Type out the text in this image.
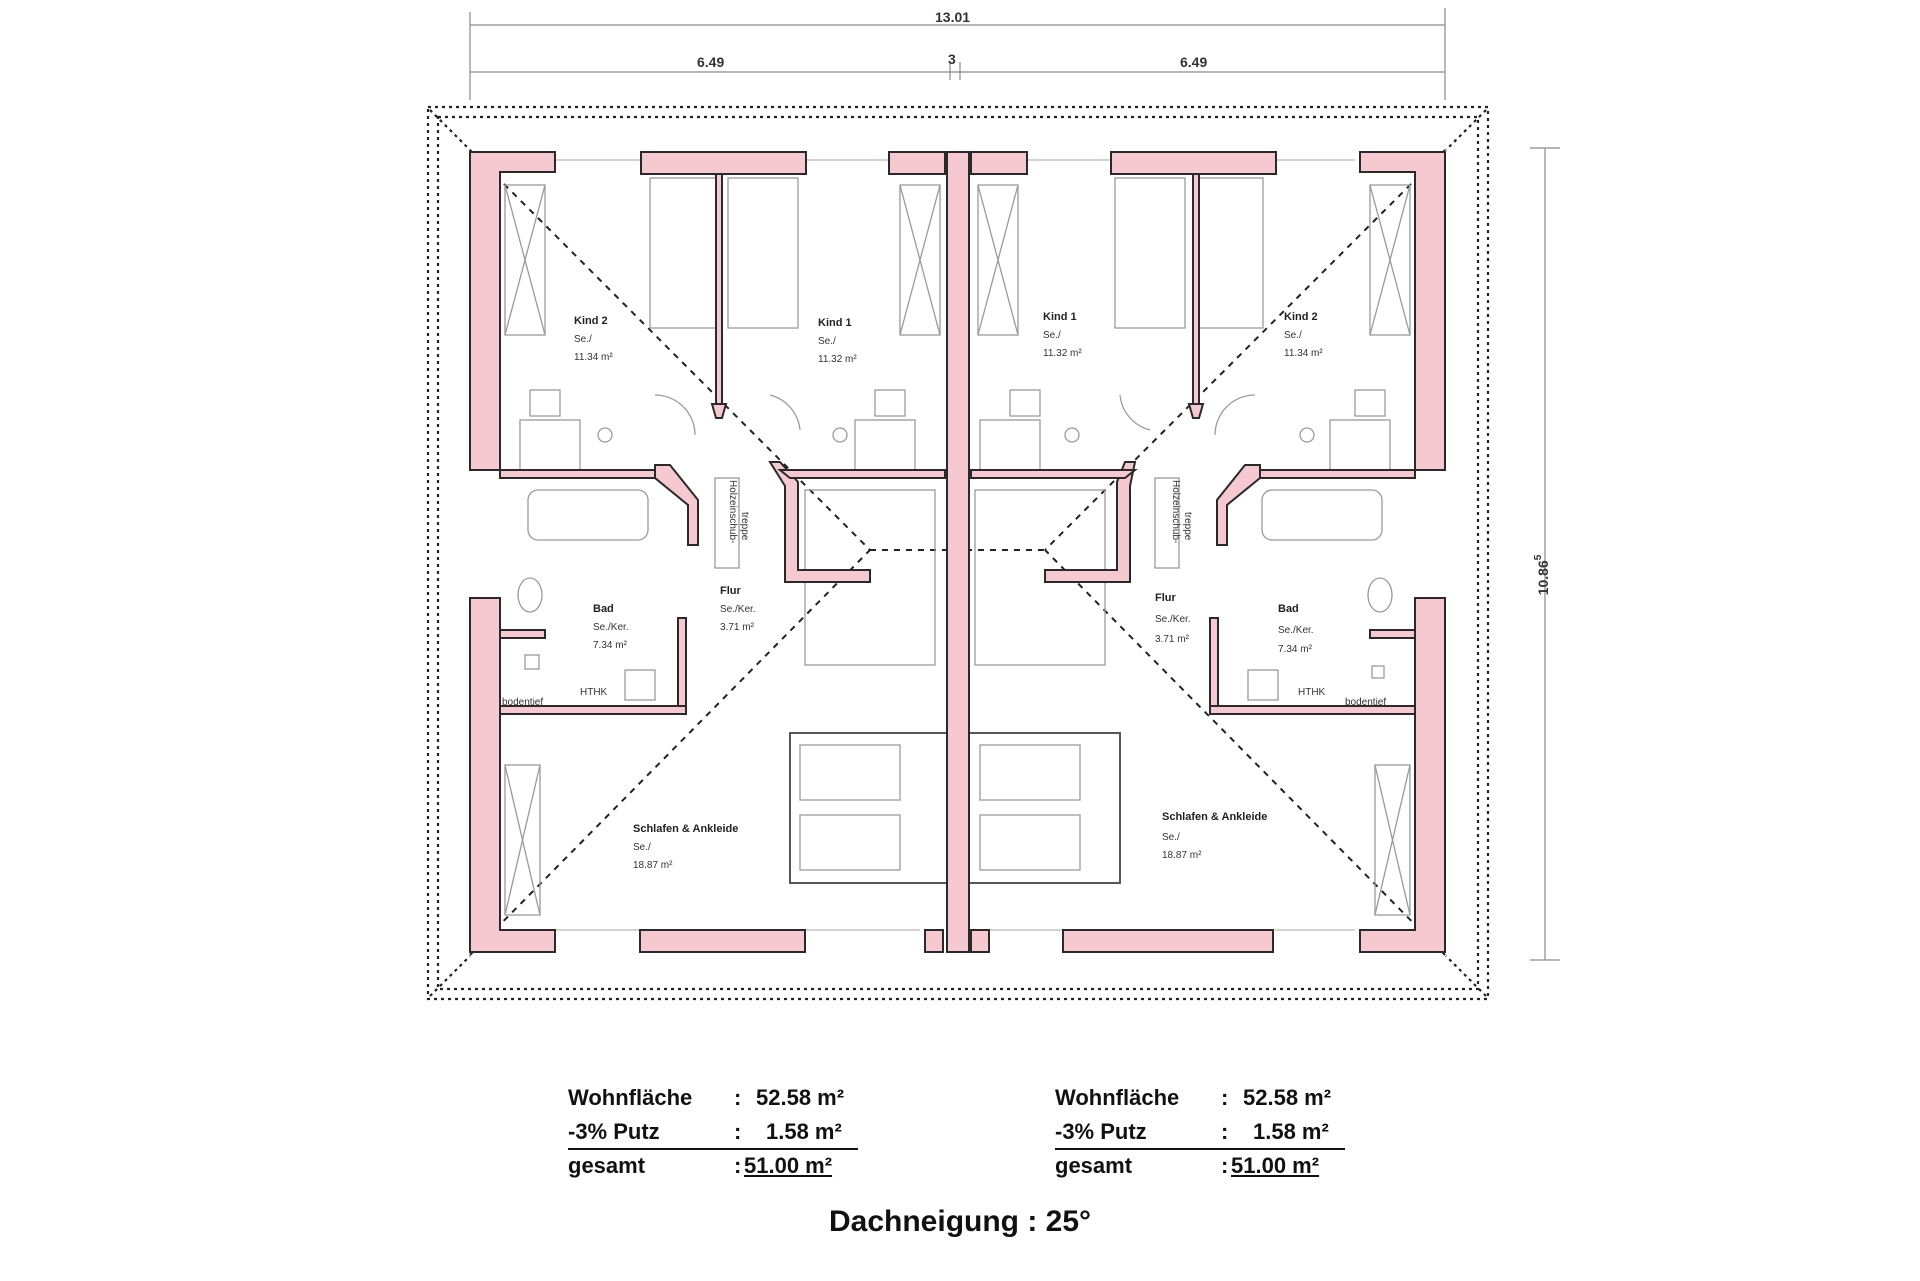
13.01
6.49	3	6.49
10.86$^5$
Kind 2
Se./
11.34 m²
Kind 1
Se./
11.32 m²
Bad
Se./Ker.
7.34 m²
Flur
Se./Ker.
3.71 m²
Schlafen & Ankleide
Se./
18.87 m²
Holzeinschub- treppe
bodentief
HTHK
Kind 1
Se./
11.32 m²
Kind 2
Se./
11.34 m²
Flur
Se./Ker.
3.71 m²
Bad
Se./Ker.
7.34 m²
Schlafen & Ankleide
Se./
18.87 m²
Holzeinschub- treppe
bodentief
HTHK
Wohnfläche : 52.58 m²
-3% Putz	: 1.58 m²
gesamt	: 51.00 m²
Wohnfläche : 52.58 m²
-3% Putz	: 1.58 m²
gesamt	: 51.00 m²
Dachneigung : 25°
